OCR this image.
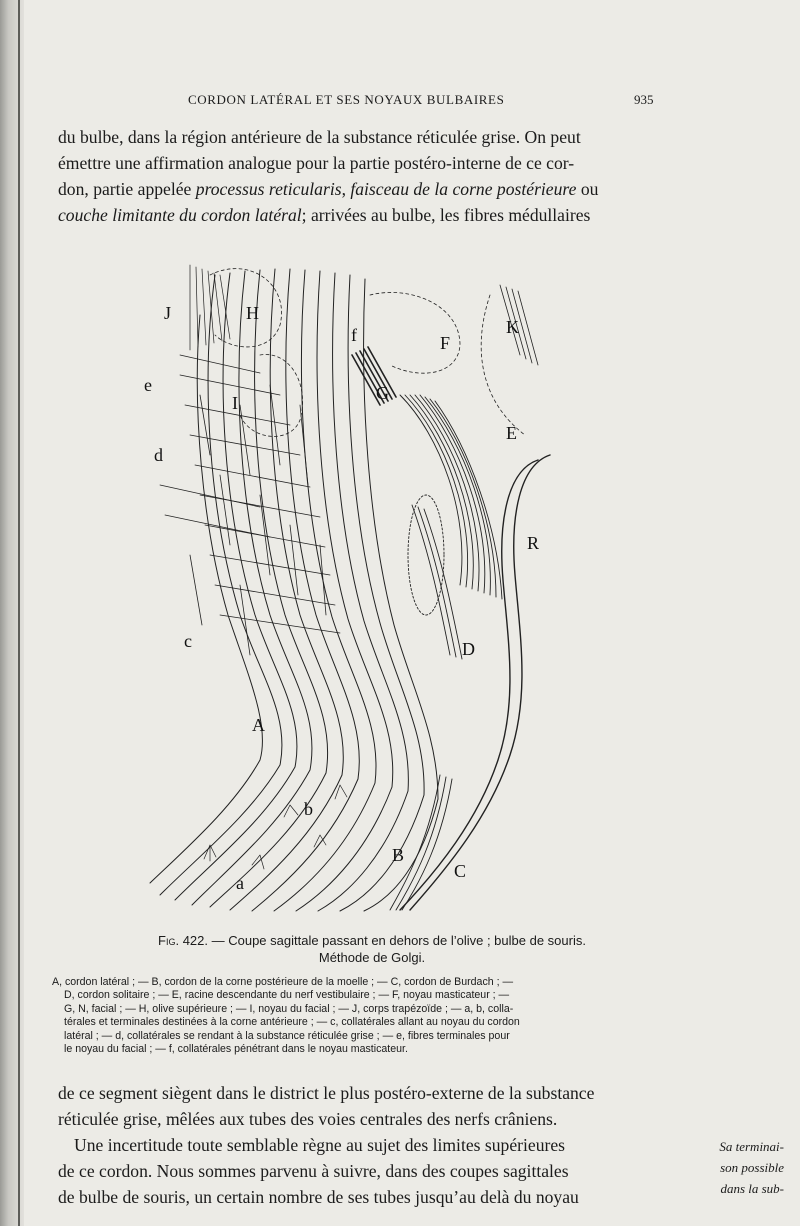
CORDON LATÉRAL ET SES NOYAUX BULBAIRES	935
du bulbe, dans la région antérieure de la substance réticulée grise. On peut
émettre une affirmation analogue pour la partie postéro-interne de ce cor-
don, partie appelée processus reticularis, faisceau de la corne postérieure ou
couche limitante du cordon latéral; arrivées au bulbe, les fibres médullaires
J	H
f	F
K
e
I	G
E
d
R
c	D
A
b
B
a
C
Fig. 422. — Coupe sagittale passant en dehors de l’olive ; bulbe de souris.
Méthode de Golgi.
A, cordon latéral ; — B, cordon de la corne postérieure de la moelle ; — C, cordon de Burdach ; —
D, cordon solitaire ; — E, racine descendante du nerf vestibulaire ; — F, noyau masticateur ; —
G, N, facial ; — H, olive supérieure ; — I, noyau du facial ; — J, corps trapézoïde ; — a, b, colla-
térales et terminales destinées à la corne antérieure ; — c, collatérales allant au noyau du cordon
latéral ; — d, collatérales se rendant à la substance réticulée grise ; — e, fibres terminales pour
le noyau du facial ; — f, collatérales pénétrant dans le noyau masticateur.
de ce segment siègent dans le district le plus postéro-externe de la substance
réticulée grise, mêlées aux tubes des voies centrales des nerfs crâniens.
Une incertitude toute semblable règne au sujet des limites supérieures
de ce cordon. Nous sommes parvenu à suivre, dans des coupes sagittales
de bulbe de souris, un certain nombre de ses tubes jusqu’au delà du noyau
Sa terminai-
son possible
dans la sub-
